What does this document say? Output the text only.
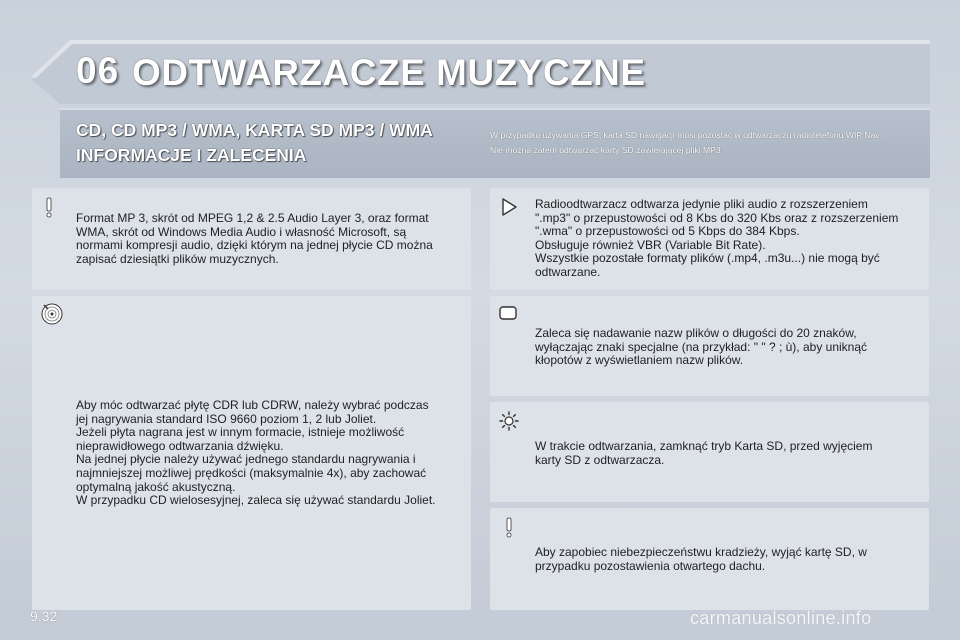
06 ODTWARZACZE MUZYCZNE
CD, CD MP3 / WMA, KARTA SD MP3 / WMA
INFORMACJE I ZALECENIA
W przypadku używania GPS, karta SD nawigacji musi pozostać w odtwarzaczu radiotelefonu WIP Nav.
Nie można zatem odtwarzać karty SD zawierającej pliki MP3.
Format MP 3, skrót od MPEG 1,2 & 2.5 Audio Layer 3, oraz format
WMA, skrót od Windows Media Audio i własność Microsoft, są
normami kompresji audio, dzięki którym na jednej płycie CD można
zapisać dziesiątki plików muzycznych.
Aby móc odtwarzać płytę CDR lub CDRW, należy wybrać podczas
jej nagrywania standard ISO 9660 poziom 1, 2 lub Joliet.
Jeżeli płyta nagrana jest w innym formacie, istnieje możliwość
nieprawidłowego odtwarzania dźwięku.
Na jednej płycie należy używać jednego standardu nagrywania i
najmniejszej możliwej prędkości (maksymalnie 4x), aby zachować
optymalną jakość akustyczną.
W przypadku CD wielosesyjnej, zaleca się używać standardu Joliet.
Radioodtwarzacz odtwarza jedynie pliki audio z rozszerzeniem
".mp3" o przepustowości od 8 Kbs do 320 Kbs oraz z rozszerzeniem
".wma" o przepustowości od 5 Kbps do 384 Kbps.
Obsługuje również VBR (Variable Bit Rate).
Wszystkie pozostałe formaty plików (.mp4, .m3u...) nie mogą być
odtwarzane.
Zaleca się nadawanie nazw plików o długości do 20 znaków,
wyłączając znaki specjalne (na przykład: " " ? ; ù), aby uniknąć
kłopotów z wyświetlaniem nazw plików.
W trakcie odtwarzania, zamknąć tryb Karta SD, przed wyjęciem
karty SD z odtwarzacza.
Aby zapobiec niebezpieczeństwu kradzieży, wyjąć kartę SD, w
przypadku pozostawienia otwartego dachu.
9.32	carmanualsonline.info
